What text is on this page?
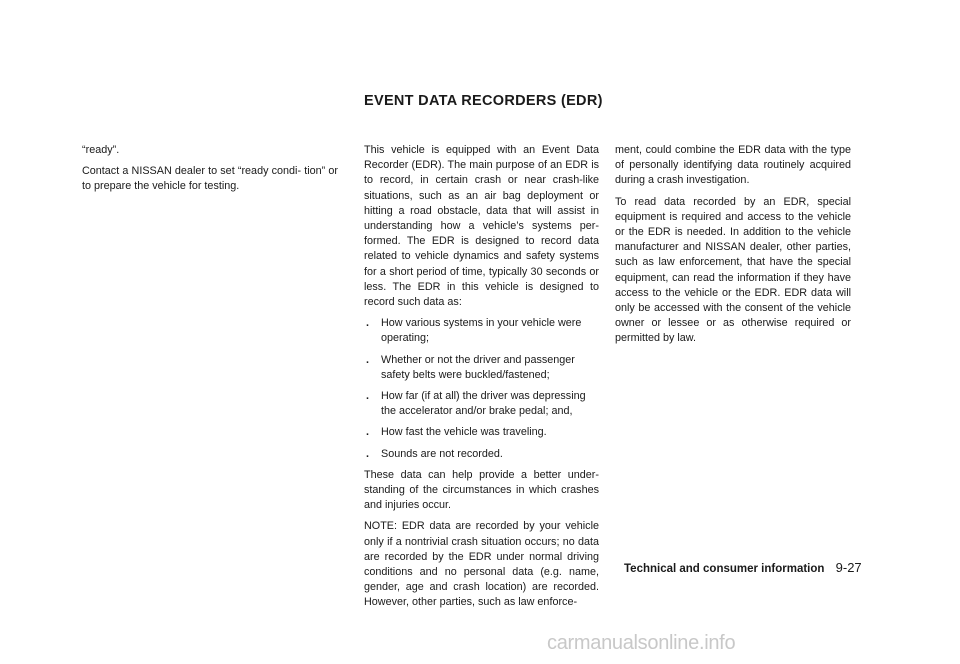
EVENT DATA RECORDERS (EDR)

“ready”.

Contact a NISSAN dealer to set “ready condi- tion” or to prepare the vehicle for testing.

This vehicle is equipped with an Event Data Recorder (EDR). The main purpose of an EDR is to record, in certain crash or near crash-like situations, such as an air bag deployment or hitting a road obstacle, data that will assist in understanding how a vehicle’s systems per- formed. The EDR is designed to record data related to vehicle dynamics and safety systems for a short period of time, typically 30 seconds or less. The EDR in this vehicle is designed to record such data as:

. How various systems in your vehicle were operating;
. Whether or not the driver and passenger safety belts were buckled/fastened;
. How far (if at all) the driver was depressing the accelerator and/or brake pedal; and,
. How fast the vehicle was traveling.
. Sounds are not recorded.

These data can help provide a better under- standing of the circumstances in which crashes and injuries occur.

NOTE: EDR data are recorded by your vehicle only if a nontrivial crash situation occurs; no data are recorded by the EDR under normal driving conditions and no personal data (e.g. name, gender, age and crash location) are recorded. However, other parties, such as law enforce-

ment, could combine the EDR data with the type of personally identifying data routinely acquired during a crash investigation.

To read data recorded by an EDR, special equipment is required and access to the vehicle or the EDR is needed. In addition to the vehicle manufacturer and NISSAN dealer, other parties, such as law enforcement, that have the special equipment, can read the information if they have access to the vehicle or the EDR. EDR data will only be accessed with the consent of the vehicle owner or lessee or as otherwise required or permitted by law.

Technical and consumer information 9-27
carmanualsonline.info
